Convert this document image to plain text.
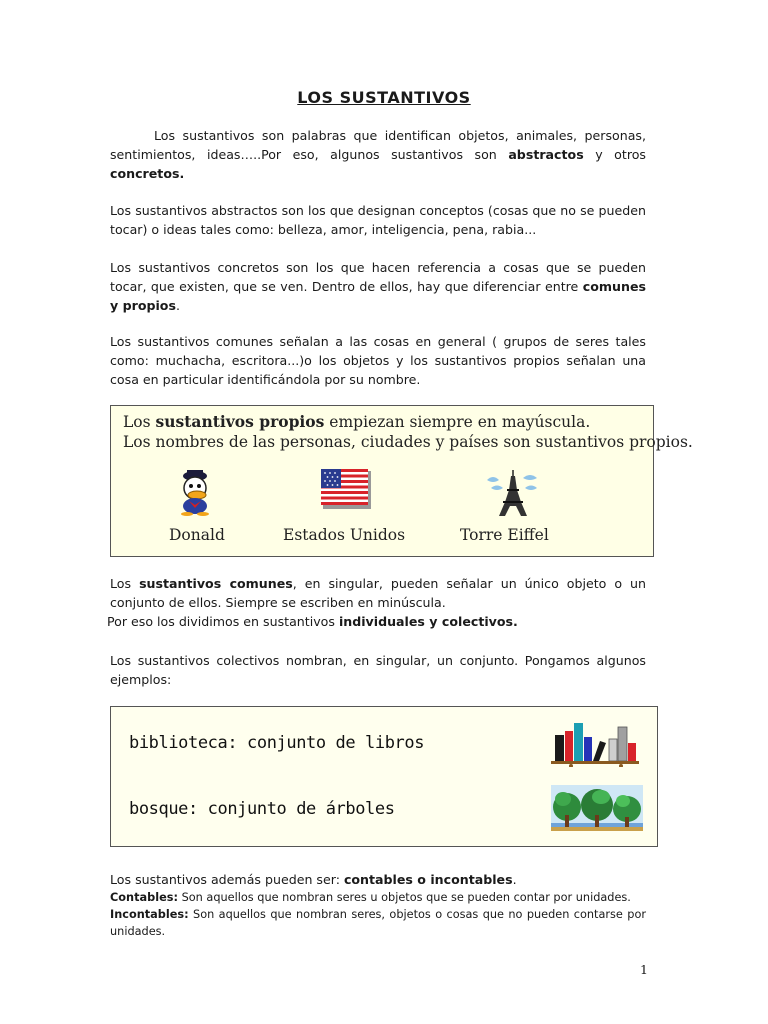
LOS SUSTANTIVOS
Los sustantivos son palabras que identifican objetos, animales, personas, sentimientos, ideas…..Por eso, algunos sustantivos son abstractos y otros concretos.
Los sustantivos abstractos son los que designan conceptos (cosas que no se pueden tocar) o ideas tales como: belleza, amor, inteligencia, pena, rabia...
Los sustantivos concretos son los que hacen referencia a cosas que se pueden tocar, que existen, que se ven. Dentro de ellos, hay que diferenciar entre comunes y propios.
Los sustantivos comunes señalan a las cosas en general ( grupos de seres tales como: muchacha, escritora...)o los objetos y los sustantivos propios señalan una cosa en particular identificándola por su nombre.
Los sustantivos propios empiezan siempre en mayúscula.
Los nombres de las personas, ciudades y países son sustantivos propios.
Donald	Estados Unidos	Torre Eiffel
Los sustantivos comunes, en singular, pueden señalar un único objeto o un conjunto de ellos. Siempre se escriben en minúscula.
Por eso los dividimos en sustantivos individuales y colectivos.
Los sustantivos colectivos nombran, en singular, un conjunto. Pongamos algunos ejemplos:
biblioteca: conjunto de libros
bosque: conjunto de árboles
Los sustantivos además pueden ser: contables o incontables.
Contables: Son aquellos que nombran seres u objetos que se pueden contar por unidades.
Incontables: Son aquellos que nombran seres, objetos o cosas que no pueden contarse por unidades.
1
